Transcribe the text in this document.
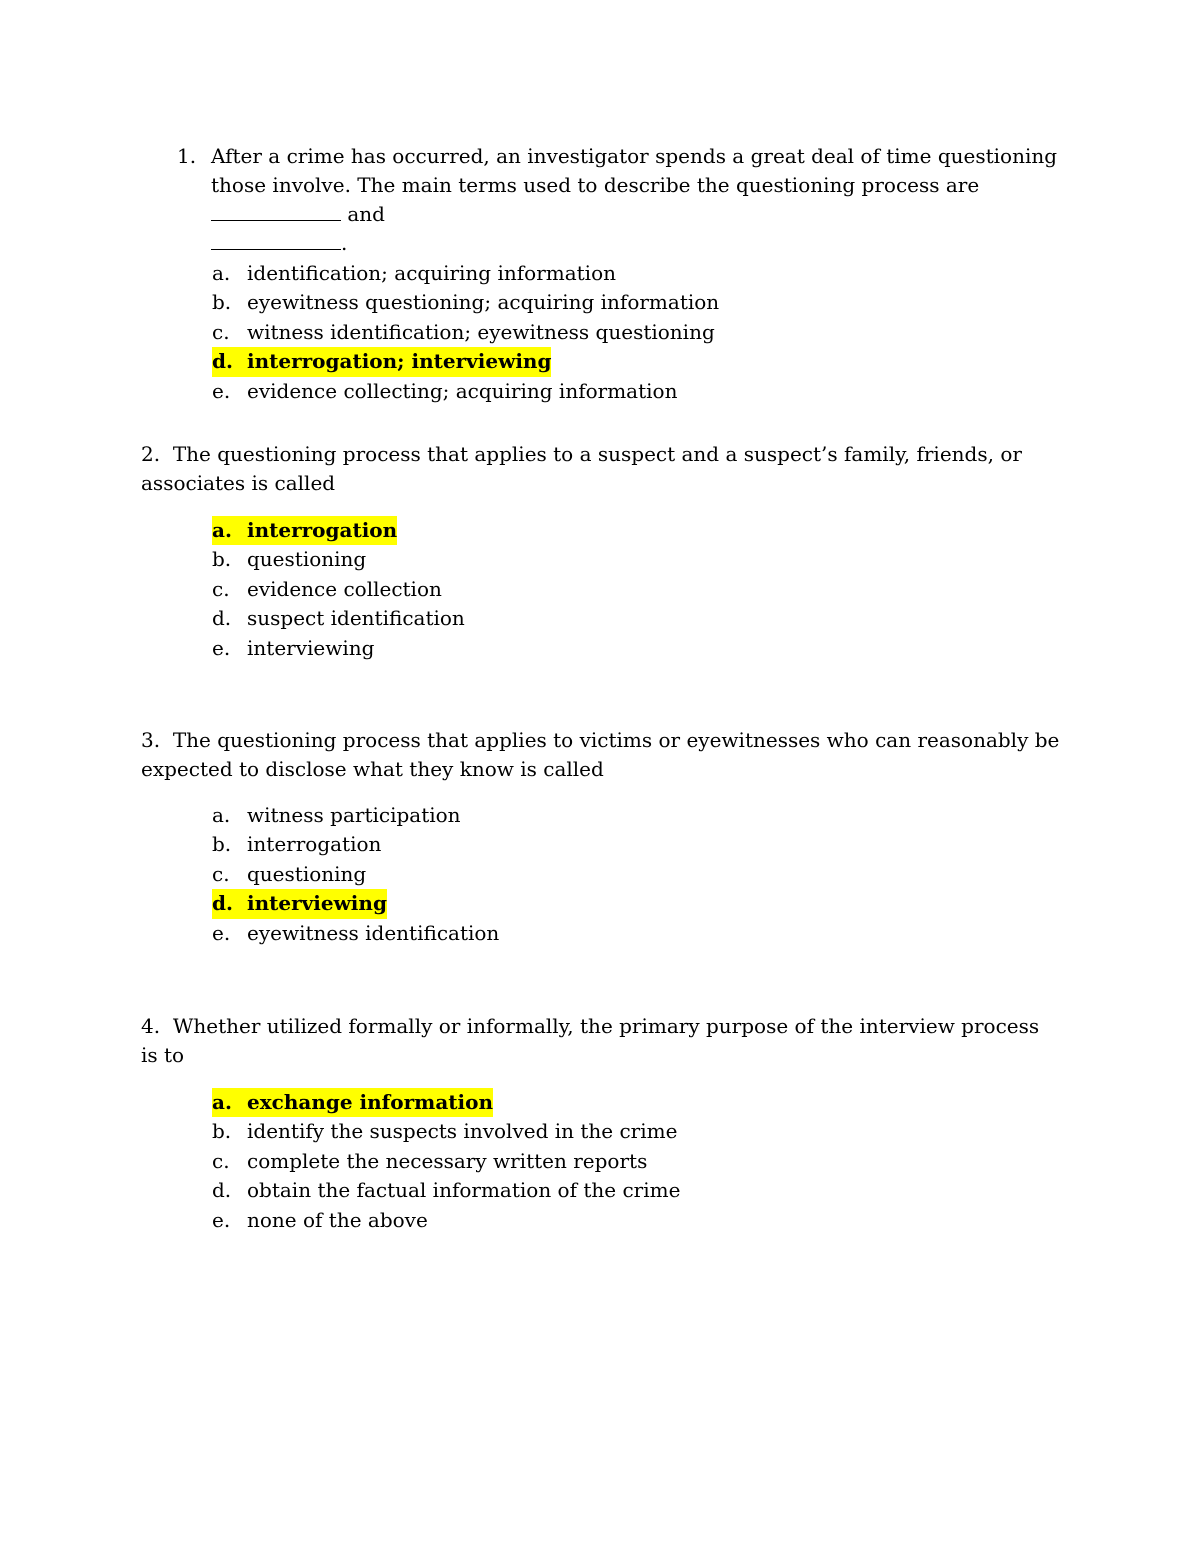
1. After a crime has occurred, an investigator spends a great deal of time questioning those involve. The main terms used to describe the questioning process are  and
.
a. identification; acquiring information
b. eyewitness questioning; acquiring information
c. witness identification; eyewitness questioning
d. interrogation; interviewing
e. evidence collecting; acquiring information

2. The questioning process that applies to a suspect and a suspect’s family, friends, or associates is called

a. interrogation
b. questioning
c. evidence collection
d. suspect identification
e. interviewing

3. The questioning process that applies to victims or eyewitnesses who can reasonably be expected to disclose what they know is called

a. witness participation
b. interrogation
c. questioning
d. interviewing
e. eyewitness identification

4. Whether utilized formally or informally, the primary purpose of the interview process is to

a. exchange information
b. identify the suspects involved in the crime
c. complete the necessary written reports
d. obtain the factual information of the crime
e. none of the above
